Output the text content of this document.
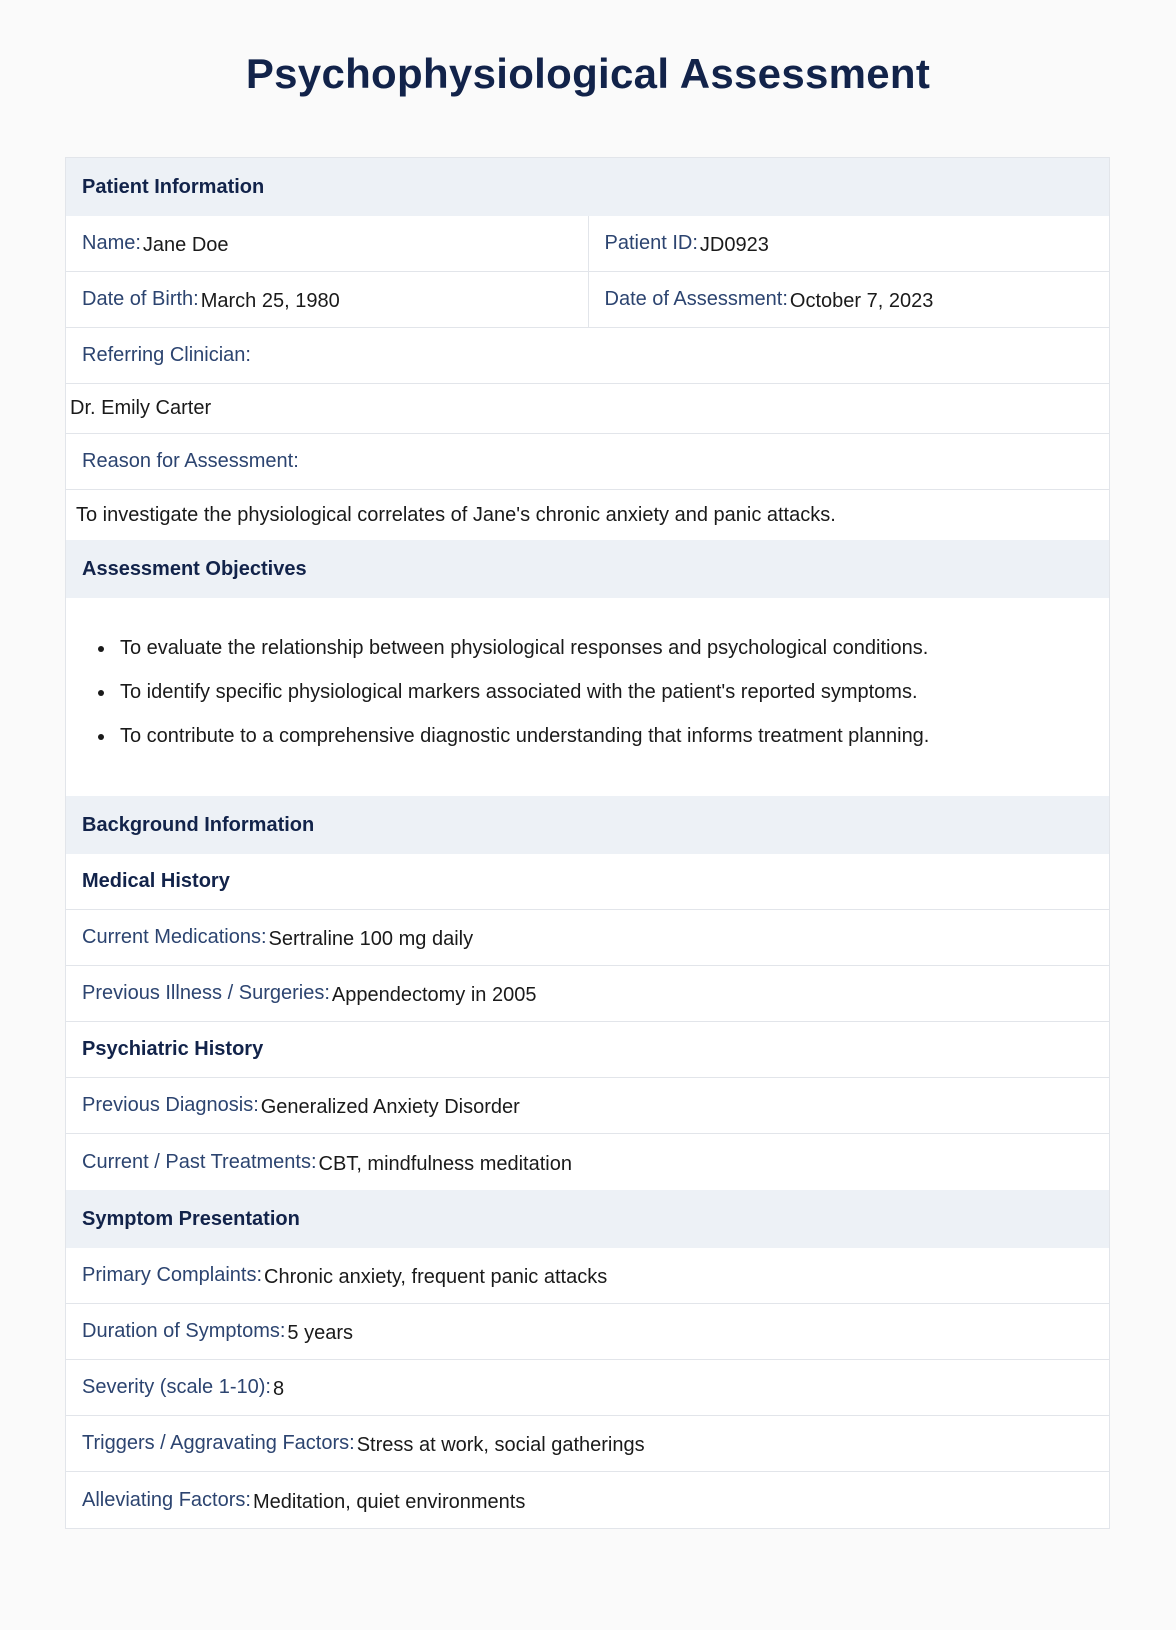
Psychophysiological Assessment
Patient Information
Name: Jane Doe	Patient ID: JD0923
Date of Birth: March 25, 1980	Date of Assessment: October 7, 2023
Referring Clinician:
Dr. Emily Carter
Reason for Assessment:
To investigate the physiological correlates of Jane's chronic anxiety and panic attacks.
Assessment Objectives
• To evaluate the relationship between physiological responses and psychological conditions.
• To identify specific physiological markers associated with the patient's reported symptoms.
• To contribute to a comprehensive diagnostic understanding that informs treatment planning.
Background Information
Medical History
Current Medications: Sertraline 100 mg daily
Previous Illness / Surgeries: Appendectomy in 2005
Psychiatric History
Previous Diagnosis: Generalized Anxiety Disorder
Current / Past Treatments: CBT, mindfulness meditation
Symptom Presentation
Primary Complaints: Chronic anxiety, frequent panic attacks
Duration of Symptoms: 5 years
Severity (scale 1-10): 8
Triggers / Aggravating Factors: Stress at work, social gatherings
Alleviating Factors: Meditation, quiet environments
